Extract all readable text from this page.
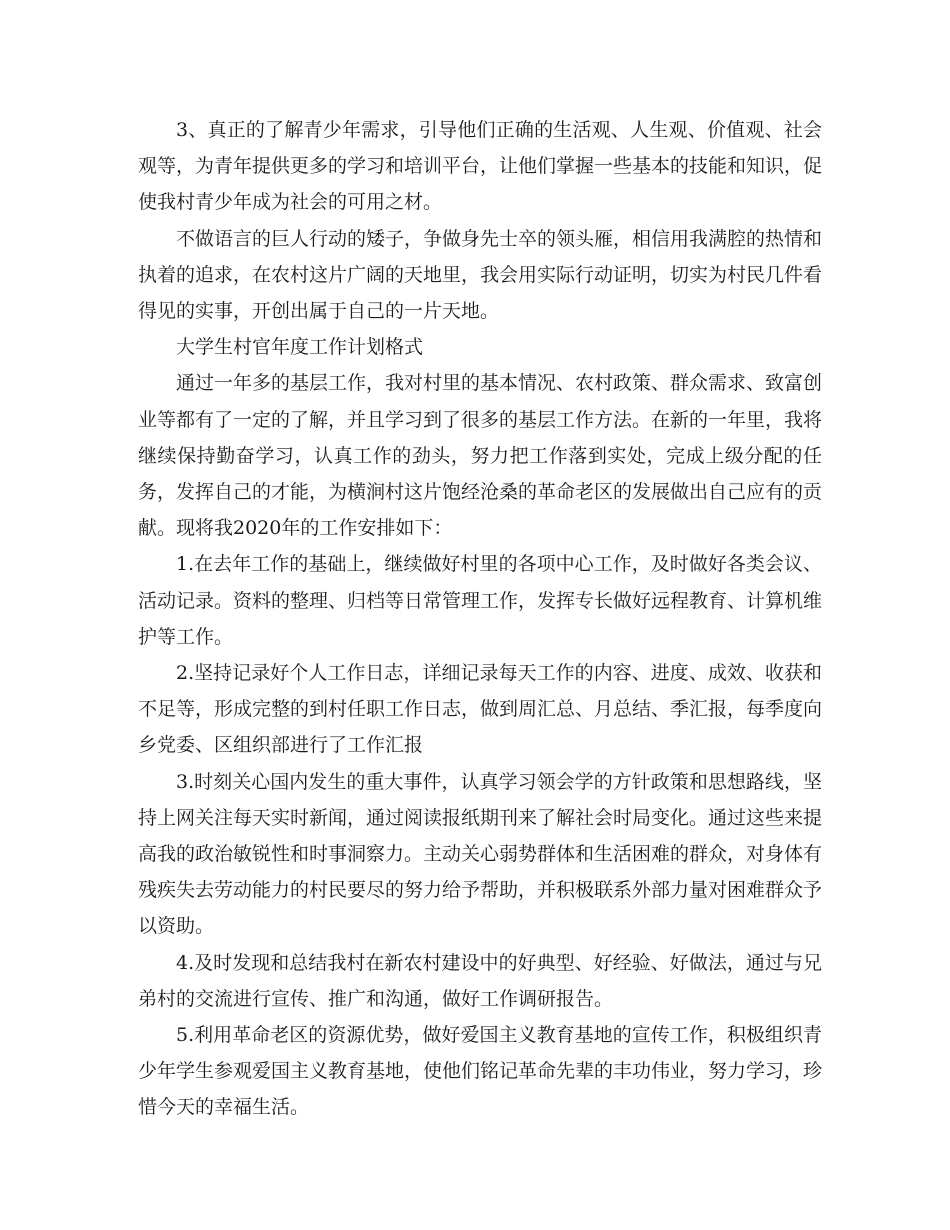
3、真正的了解青少年需求，引导他们正确的生活观、人生观、价值观、社会观等，为青年提供更多的学习和培训平台，让他们掌握一些基本的技能和知识，促使我村青少年成为社会的可用之材。

不做语言的巨人行动的矮子，争做身先士卒的领头雁，相信用我满腔的热情和执着的追求，在农村这片广阔的天地里，我会用实际行动证明，切实为村民几件看得见的实事，开创出属于自己的一片天地。

大学生村官年度工作计划格式

通过一年多的基层工作，我对村里的基本情况、农村政策、群众需求、致富创业等都有了一定的了解，并且学习到了很多的基层工作方法。在新的一年里，我将继续保持勤奋学习，认真工作的劲头，努力把工作落到实处，完成上级分配的任务，发挥自己的才能，为横涧村这片饱经沧桑的革命老区的发展做出自己应有的贡献。现将我2020年的工作安排如下：

1.在去年工作的基础上，继续做好村里的各项中心工作，及时做好各类会议、活动记录。资料的整理、归档等日常管理工作，发挥专长做好远程教育、计算机维护等工作。

2.坚持记录好个人工作日志，详细记录每天工作的内容、进度、成效、收获和不足等，形成完整的到村任职工作日志，做到周汇总、月总结、季汇报，每季度向乡党委、区组织部进行了工作汇报

3.时刻关心国内发生的重大事件，认真学习领会学的方针政策和思想路线，坚持上网关注每天实时新闻，通过阅读报纸期刊来了解社会时局变化。通过这些来提高我的政治敏锐性和时事洞察力。主动关心弱势群体和生活困难的群众，对身体有残疾失去劳动能力的村民要尽的努力给予帮助，并积极联系外部力量对困难群众予以资助。

4.及时发现和总结我村在新农村建设中的好典型、好经验、好做法，通过与兄弟村的交流进行宣传、推广和沟通，做好工作调研报告。

5.利用革命老区的资源优势，做好爱国主义教育基地的宣传工作，积极组织青少年学生参观爱国主义教育基地，使他们铭记革命先辈的丰功伟业，努力学习，珍惜今天的幸福生活。
